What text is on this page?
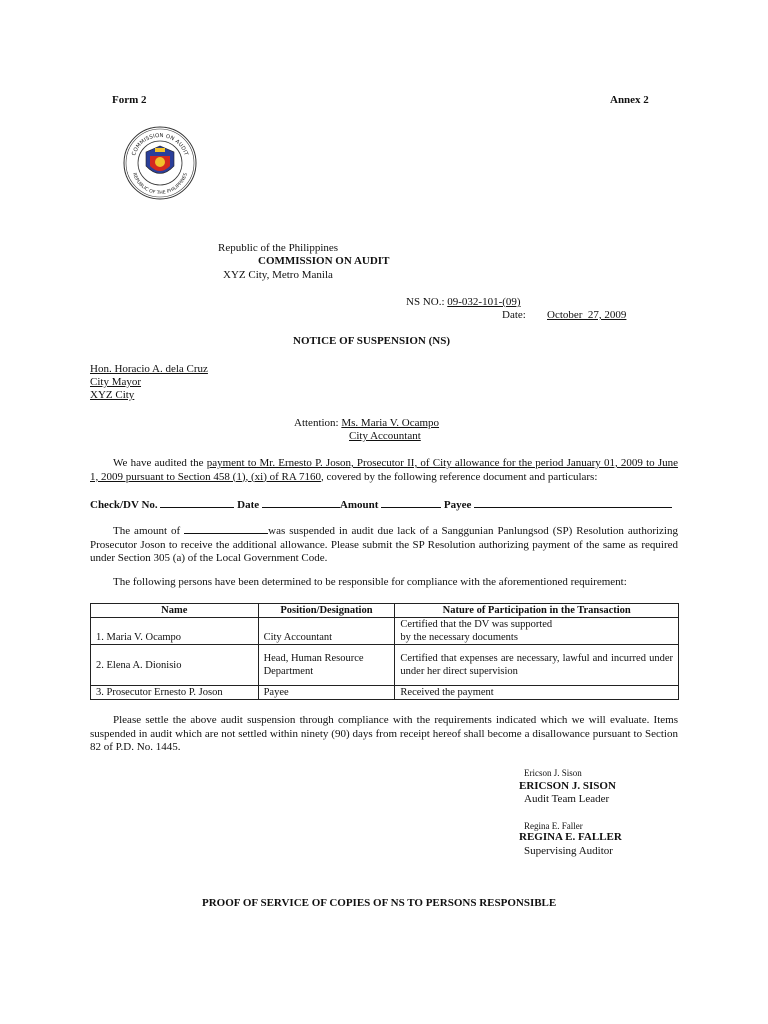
Form 2	Annex 2
COMMISSION ON AUDIT
REPUBLIC OF THE PHILIPPINES
Republic of the Philippines
COMMISSION ON AUDIT
XYZ City, Metro Manila
NS NO.: 09-032-101-(09)
Date: October  27, 2009
NOTICE OF SUSPENSION (NS)
Hon. Horacio A. dela Cruz
City Mayor
XYZ City
Attention: Ms. Maria V. Ocampo
City Accountant
We have audited the payment to Mr. Ernesto P. Joson, Prosecutor II, of City allowance for the period January 01, 2009 to June 1, 2009 pursuant to Section 458 (1), (xi) of RA 7160, covered by the following reference document and particulars:
Check/DV No.	Date	Amount	Payee
The amount of	was suspended in audit due lack of a Sanggunian Panlungsod (SP) Resolution authorizing Prosecutor Joson to receive the additional allowance. Please submit the SP Resolution authorizing payment of the same as required under Section 305 (a) of the Local Government Code.
The following persons have been determined to be responsible for compliance with the aforementioned requirement:
Name	Position/Designation	Nature of Participation in the Transaction
1. Maria V. Ocampo	City Accountant	Certified that the DV was supported by the necessary documents
2. Elena A. Dionisio	Head, Human Resource Department	Certified that expenses are necessary, lawful and incurred under under her direct supervision
3. Prosecutor Ernesto P. Joson	Payee	Received the payment
Please settle the above audit suspension through compliance with the requirements indicated which we will evaluate. Items suspended in audit which are not settled within ninety (90) days from receipt hereof shall become a disallowance pursuant to Section 82 of P.D. No. 1445.
Ericson J. Sison
ERICSON J. SISON
Audit Team Leader
Regina E. Faller
REGINA E. FALLER
Supervising Auditor
PROOF OF SERVICE OF COPIES OF NS TO PERSONS RESPONSIBLE
